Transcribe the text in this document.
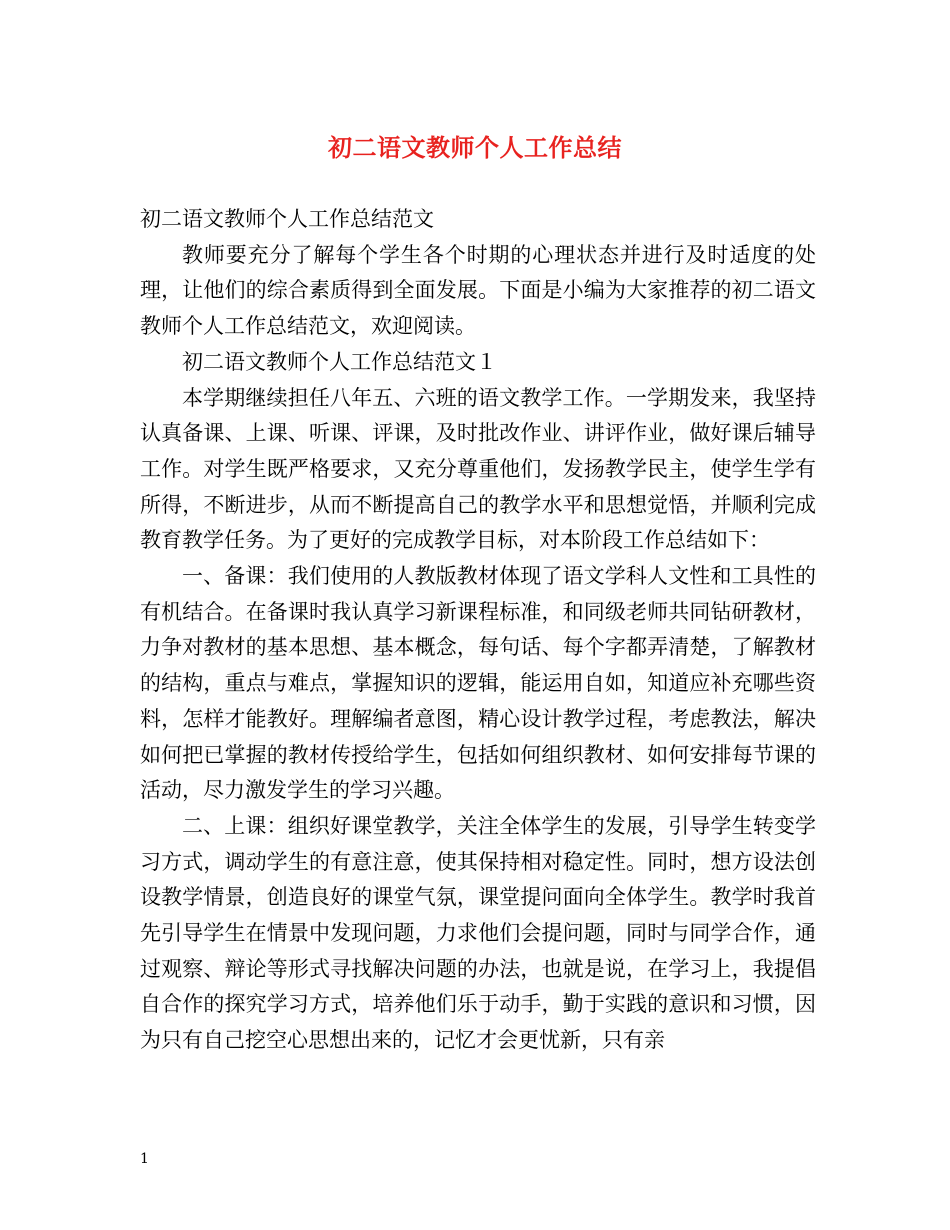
初二语文教师个人工作总结

初二语文教师个人工作总结范文

教师要充分了解每个学生各个时期的心理状态并进行及时适度的处理，让他们的综合素质得到全面发展。下面是小编为大家推荐的初二语文教师个人工作总结范文，欢迎阅读。

初二语文教师个人工作总结范文１

本学期继续担任八年五、六班的语文教学工作。一学期发来，我坚持认真备课、上课、听课、评课，及时批改作业、讲评作业，做好课后辅导工作。对学生既严格要求，又充分尊重他们，发扬教学民主，使学生学有所得，不断进步，从而不断提高自己的教学水平和思想觉悟，并顺利完成教育教学任务。为了更好的完成教学目标，对本阶段工作总结如下：

一、备课：我们使用的人教版教材体现了语文学科人文性和工具性的有机结合。在备课时我认真学习新课程标准，和同级老师共同钻研教材，力争对教材的基本思想、基本概念，每句话、每个字都弄清楚，了解教材的结构，重点与难点，掌握知识的逻辑，能运用自如，知道应补充哪些资料，怎样才能教好。理解编者意图，精心设计教学过程，考虑教法，解决如何把已掌握的教材传授给学生，包括如何组织教材、如何安排每节课的活动，尽力激发学生的学习兴趣。

二、上课：组织好课堂教学，关注全体学生的发展，引导学生转变学习方式，调动学生的有意注意，使其保持相对稳定性。同时，想方设法创设教学情景，创造良好的课堂气氛，课堂提问面向全体学生。教学时我首先引导学生在情景中发现问题，力求他们会提问题，同时与同学合作，通过观察、辩论等形式寻找解决问题的办法，也就是说，在学习上，我提倡自合作的探究学习方式，培养他们乐于动手，勤于实践的意识和习惯，因为只有自己挖空心思想出来的，记忆才会更忧新，只有亲

1
